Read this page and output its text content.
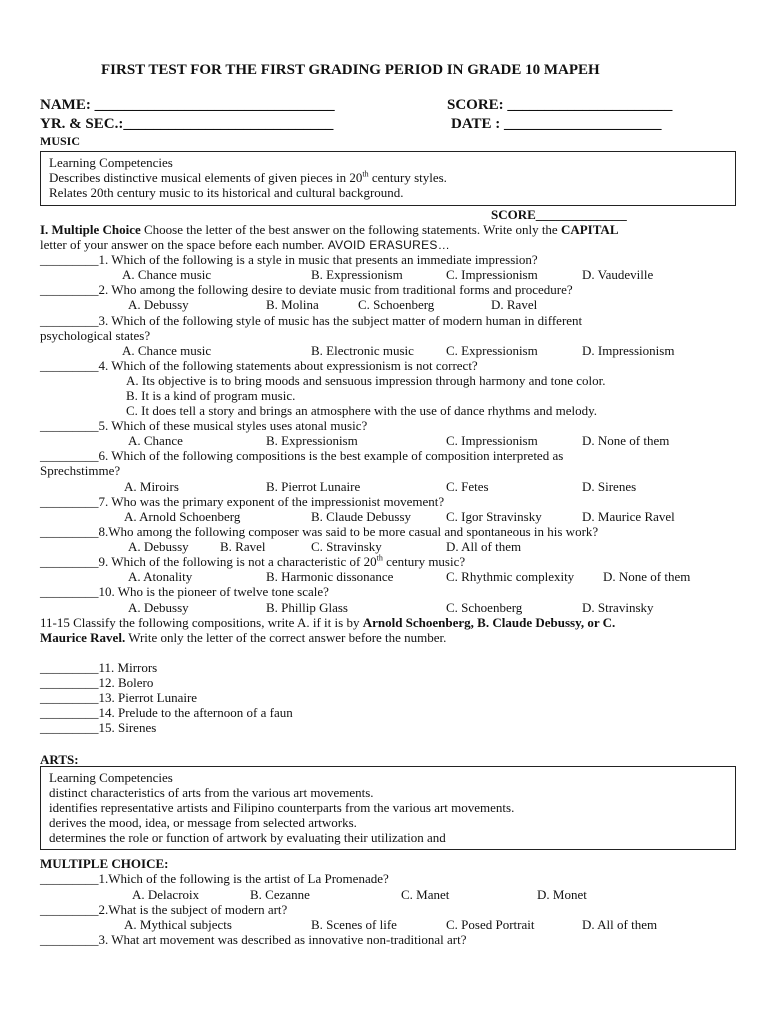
FIRST TEST FOR THE FIRST GRADING PERIOD IN GRADE 10 MAPEH
NAME: ________________________________	SCORE: ______________________
YR. & SEC.:____________________________	DATE : _____________________
MUSIC
Learning Competencies
Describes distinctive musical elements of given pieces in 20th century styles.
Relates 20th century music to its historical and cultural background.
SCORE______________
I. Multiple Choice Choose the letter of the best answer on the following statements. Write only the CAPITAL
letter of your answer on the space before each number. AVOID ERASURES…
_________1. Which of the following is a style in music that presents an immediate impression?
A. Chance music	B. Expressionism	C. Impressionism	D. Vaudeville
_________2. Who among the following desire to deviate music from traditional forms and procedure?
A. Debussy	B. Molina	C. Schoenberg	D. Ravel
_________3. Which of the following style of music has the subject matter of modern human in different
psychological states?
A. Chance music	B. Electronic music C. Expressionism	D. Impressionism
_________4. Which of the following statements about expressionism is not correct?
A. Its objective is to bring moods and sensuous impression through harmony and tone color.
B. It is a kind of program music.
C. It does tell a story and brings an atmosphere with the use of dance rhythms and melody.
_________5. Which of these musical styles uses atonal music?
A. Chance	B. Expressionism	C. Impressionism	D. None of them
_________6. Which of the following compositions is the best example of composition interpreted as
Sprechstimme?
A. Miroirs	B. Pierrot Lunaire	C. Fetes	D. Sirenes
_________7. Who was the primary exponent of the impressionist movement?
A. Arnold Schoenberg	B. Claude Debussy	C. Igor Stravinsky	D. Maurice Ravel
_________8.Who among the following composer was said to be more casual and spontaneous in his work?
A. Debussy B. Ravel	C. Stravinsky	D. All of them
_________9. Which of the following is not a characteristic of 20th century music?
A. Atonality	B. Harmonic dissonance	C. Rhythmic complexity D. None of them
_________10. Who is the pioneer of twelve tone scale?
A. Debussy	B. Phillip Glass	C. Schoenberg	D. Stravinsky
11-15 Classify the following compositions, write A. if it is by Arnold Schoenberg, B. Claude Debussy, or C.
Maurice Ravel. Write only the letter of the correct answer before the number.
_________11. Mirrors
_________12. Bolero
_________13. Pierrot Lunaire
_________14. Prelude to the afternoon of a faun
_________15. Sirenes
ARTS:
Learning Competencies
distinct characteristics of arts from the various art movements.
identifies representative artists and Filipino counterparts from the various art movements.
derives the mood, idea, or message from selected artworks.
determines the role or function of artwork by evaluating their utilization and
MULTIPLE CHOICE:
_________1.Which of the following is the artist of La Promenade?
A. Delacroix	B. Cezanne	C. Manet	D. Monet
_________2.What is the subject of modern art?
A. Mythical subjects	B. Scenes of life	C. Posed Portrait	D. All of them
_________3. What art movement was described as innovative non-traditional art?
